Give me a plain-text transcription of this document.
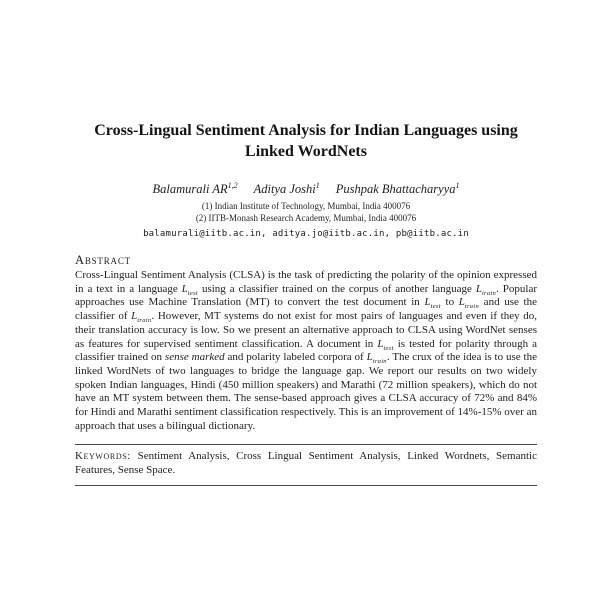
Cross-Lingual Sentiment Analysis for Indian Languages using Linked WordNets
Balamurali AR$^{1,2}$ Aditya Joshi$^1$ Pushpak Bhattacharyya$^1$
(1) Indian Institute of Technology, Mumbai, India 400076
(2) IITB-Monash Research Academy, Mumbai, India 400076
balamurali@iitb.ac.in, aditya.jo@iitb.ac.in, pb@iitb.ac.in
Abstract

Cross-Lingual Sentiment Analysis (CLSA) is the task of predicting the polarity of the opinion expressed in a text in a language $L_{test}$ using a classifier trained on the corpus of another language $L_{train}$. Popular approaches use Machine Translation (MT) to convert the test document in $L_{test}$ to $L_{train}$ and use the classifier of $L_{train}$. However, MT systems do not exist for most pairs of languages and even if they do, their translation accuracy is low. So we present an alternative approach to CLSA using WordNet senses as features for supervised sentiment classification. A document in $L_{test}$ is tested for polarity through a classifier trained on sense marked and polarity labeled corpora of $L_{train}$. The crux of the idea is to use the linked WordNets of two languages to bridge the language gap. We report our results on two widely spoken Indian languages, Hindi (450 million speakers) and Marathi (72 million speakers), which do not have an MT system between them. The sense-based approach gives a CLSA accuracy of 72% and 84% for Hindi and Marathi sentiment classification respectively. This is an improvement of 14%-15% over an approach that uses a bilingual dictionary.

Keywords: Sentiment Analysis, Cross Lingual Sentiment Analysis, Linked Wordnets, Semantic Features, Sense Space.
